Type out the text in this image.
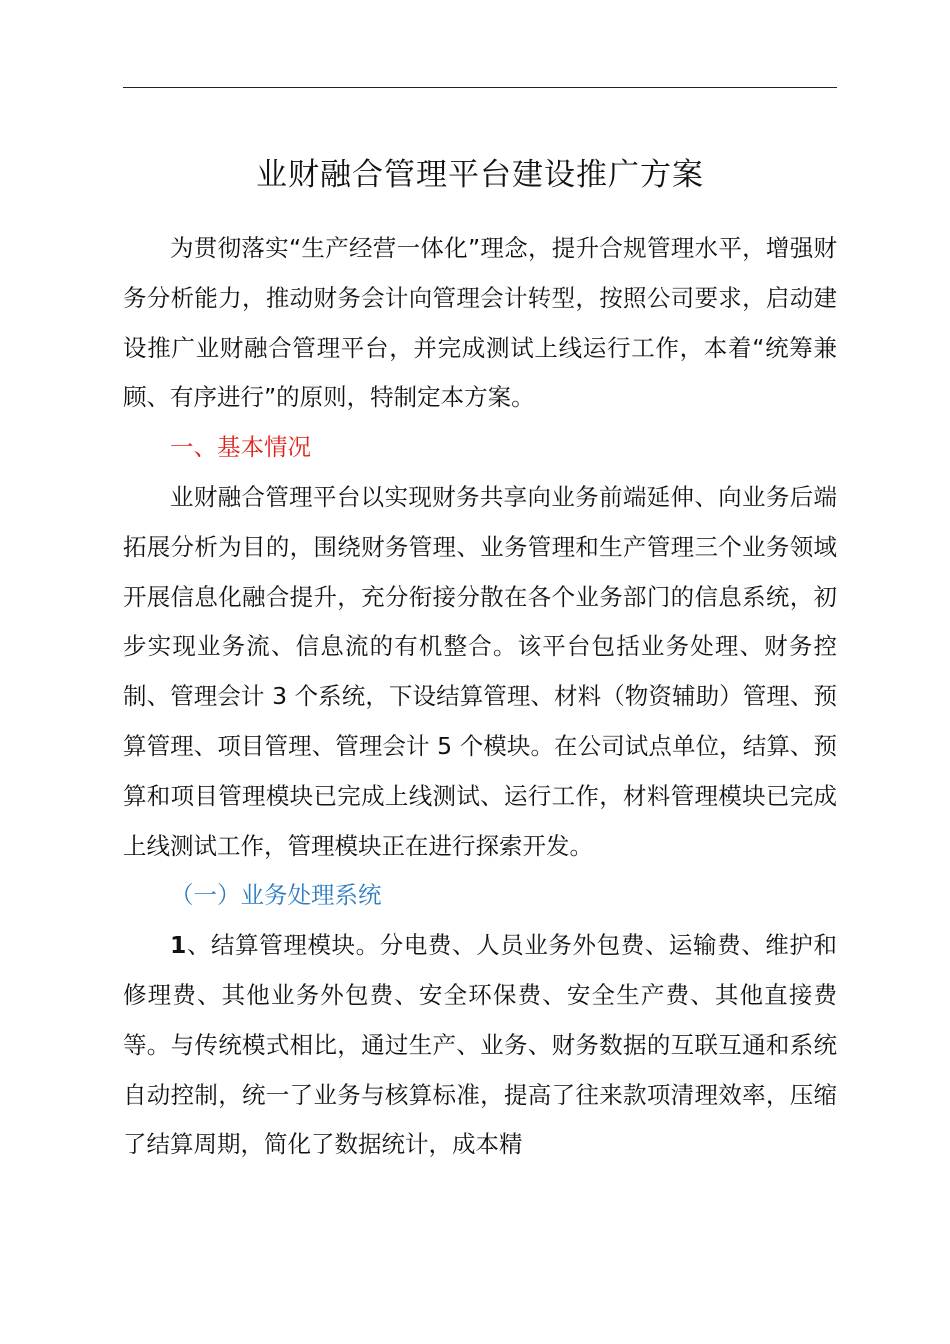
业财融合管理平台建设推广方案

为贯彻落实“生产经营一体化”理念，提升合规管理水平，增强财务分析能力，推动财务会计向管理会计转型，按照公司要求，启动建设推广业财融合管理平台，并完成测试上线运行工作，本着“统筹兼顾、有序进行”的原则，特制定本方案。

一、基本情况

业财融合管理平台以实现财务共享向业务前端延伸、向业务后端拓展分析为目的，围绕财务管理、业务管理和生产管理三个业务领域开展信息化融合提升，充分衔接分散在各个业务部门的信息系统，初步实现业务流、信息流的有机整合。该平台包括业务处理、财务控制、管理会计 3 个系统，下设结算管理、材料（物资辅助）管理、预算管理、项目管理、管理会计 5 个模块。在公司试点单位，结算、预算和项目管理模块已完成上线测试、运行工作，材料管理模块已完成上线测试工作，管理模块正在进行探索开发。

（一）业务处理系统

1、结算管理模块。分电费、人员业务外包费、运输费、维护和修理费、其他业务外包费、安全环保费、安全生产费、其他直接费等。与传统模式相比，通过生产、业务、财务数据的互联互通和系统自动控制，统一了业务与核算标准，提高了往来款项清理效率，压缩了结算周期，简化了数据统计，成本精
